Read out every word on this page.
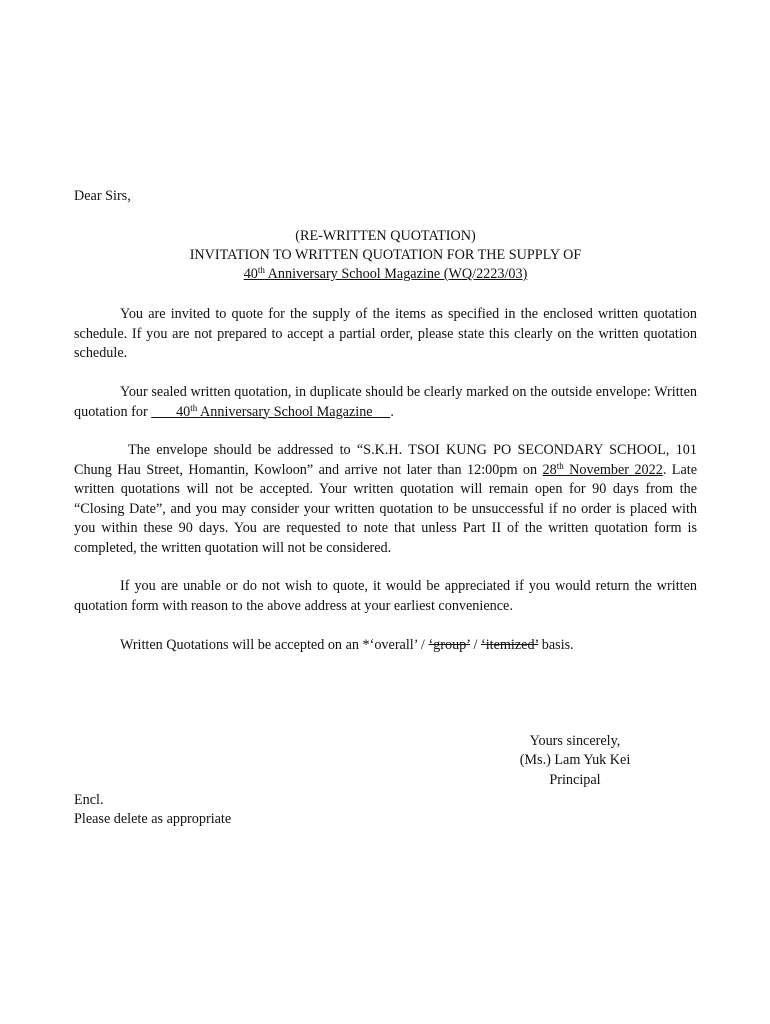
Dear Sirs,
(RE-WRITTEN QUOTATION)
INVITATION TO WRITTEN QUOTATION FOR THE SUPPLY OF
40th Anniversary School Magazine (WQ/2223/03)
You are invited to quote for the supply of the items as specified in the enclosed written quotation schedule. If you are not prepared to accept a partial order, please state this clearly on the written quotation schedule.
Your sealed written quotation, in duplicate should be clearly marked on the outside envelope: Written quotation for        40th Anniversary School Magazine .
The envelope should be addressed to “S.K.H. TSOI KUNG PO SECONDARY SCHOOL, 101 Chung Hau Street, Homantin, Kowloon” and arrive not later than 12:00pm on 28th November 2022. Late written quotations will not be accepted. Your written quotation will remain open for 90 days from the “Closing Date”, and you may consider your written quotation to be unsuccessful if no order is placed with you within these 90 days. You are requested to note that unless Part II of the written quotation form is completed, the written quotation will not be considered.
If you are unable or do not wish to quote, it would be appreciated if you would return the written quotation form with reason to the above address at your earliest convenience.
Written Quotations will be accepted on an *‘overall’ / ‘group’ / ‘itemized’ basis.
Yours sincerely,
(Ms.) Lam Yuk Kei
Principal
Encl.
Please delete as appropriate
